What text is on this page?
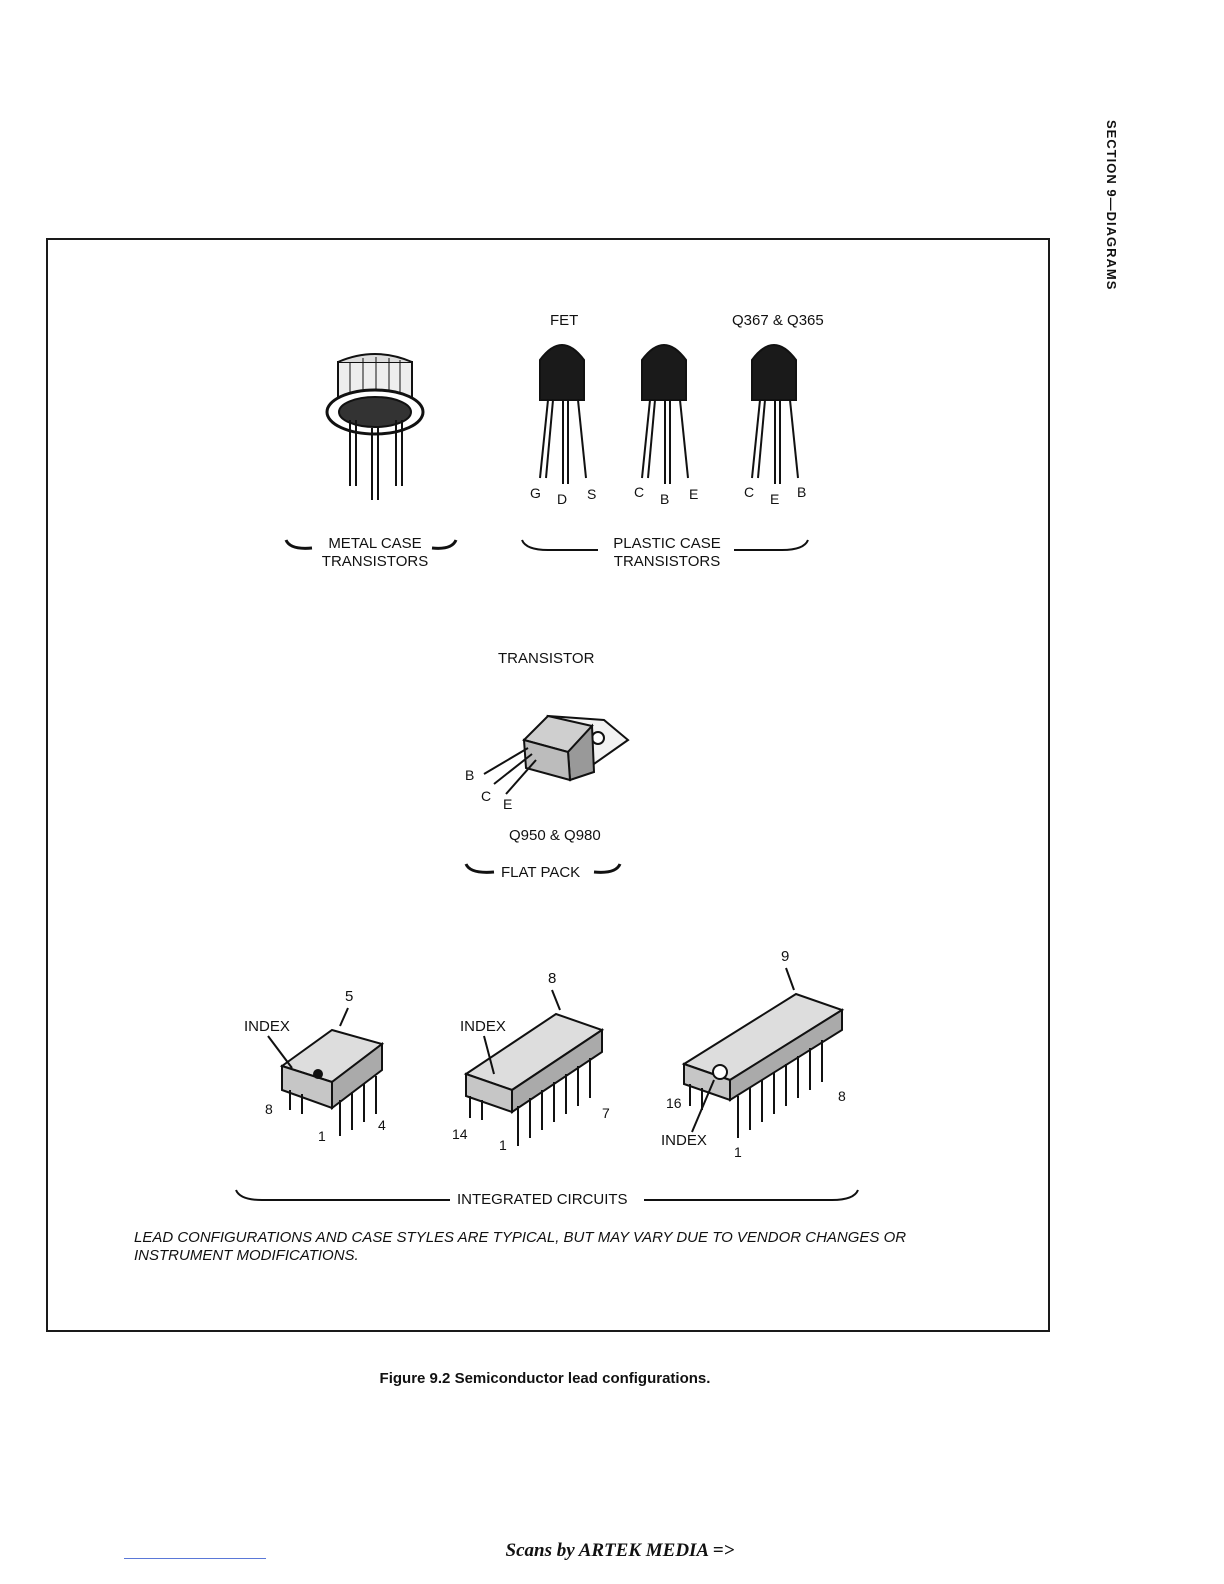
SECTION 9—DIAGRAMS
FET	Q367 & Q365
G D S	C B E	C E B
METAL CASE
TRANSISTORS
PLASTIC CASE
TRANSISTORS
TRANSISTOR
B
C E
Q950 & Q980
FLAT PACK
5
INDEX
8
1
4
8
INDEX
14
1
7
9
16	8
1
INDEX
INTEGRATED CIRCUITS
LEAD CONFIGURATIONS AND CASE STYLES ARE TYPICAL, BUT MAY VARY DUE TO VENDOR CHANGES OR INSTRUMENT MODIFICATIONS.
Figure 9.2 Semiconductor lead configurations.
Scans by ARTEK MEDIA =>
